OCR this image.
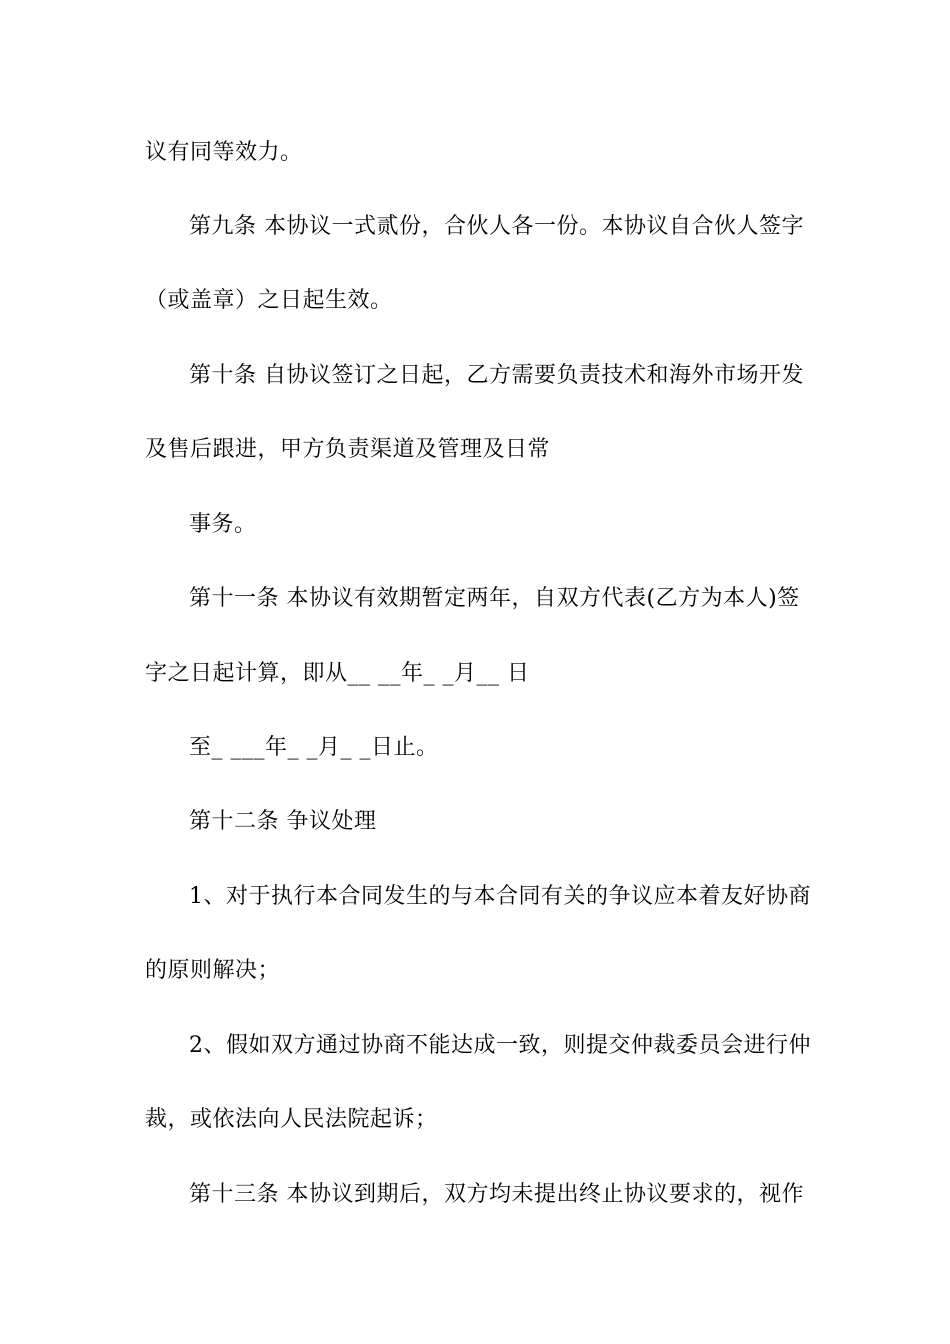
议有同等效力。
第九条 本协议一式贰份，合伙人各一份。本协议自合伙人签字
（或盖章）之日起生效。
第十条 自协议签订之日起，乙方需要负责技术和海外市场开发
及售后跟进，甲方负责渠道及管理及日常
事务。
第十一条 本协议有效期暂定两年，自双方代表(乙方为本人)签
字之日起计算，即从__ __年_ _月__ 日
至_ ___年_ _月_ _日止。
第十二条 争议处理
1、对于执行本合同发生的与本合同有关的争议应本着友好协商
的原则解决；
2、假如双方通过协商不能达成一致，则提交仲裁委员会进行仲
裁，或依法向人民法院起诉；
第十三条 本协议到期后，双方均未提出终止协议要求的，视作
